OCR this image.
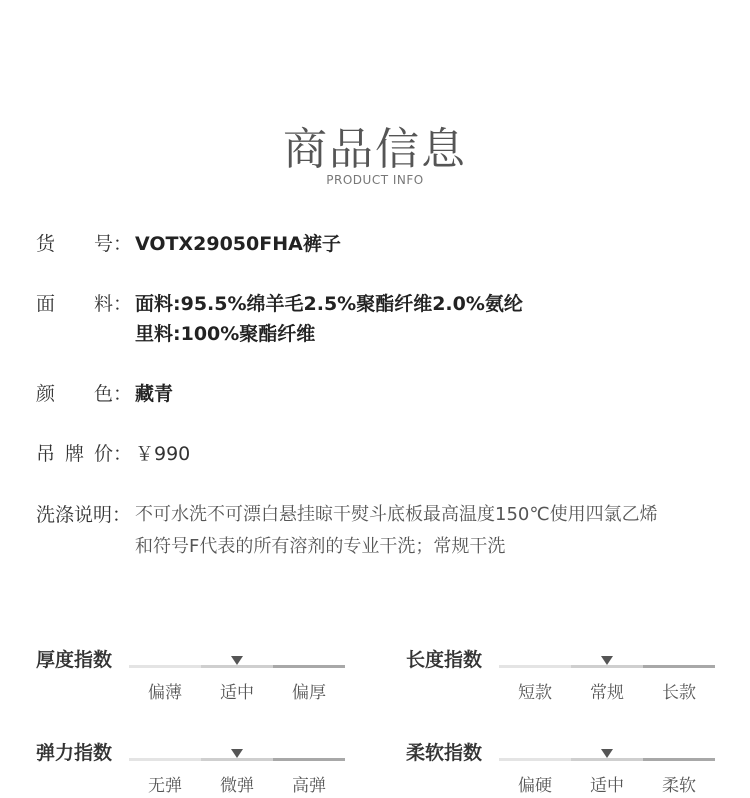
商品信息
PRODUCT INFO
货 号： VOTX29050FHA裤子
面 料： 面料:95.5%绵羊毛2.5%聚酯纤维2.0%氨纶
里料:100%聚酯纤维
颜 色： 藏青
吊 牌 价： ￥990
洗涤说明： 不可水洗不可漂白悬挂晾干熨斗底板最高温度150℃使用四氯乙烯
和符号F代表的所有溶剂的专业干洗；常规干洗
厚度指数
偏薄	适中	偏厚
长度指数
短款	常规	长款
弹力指数
无弹	微弹	高弹
柔软指数
偏硬	适中	柔软
